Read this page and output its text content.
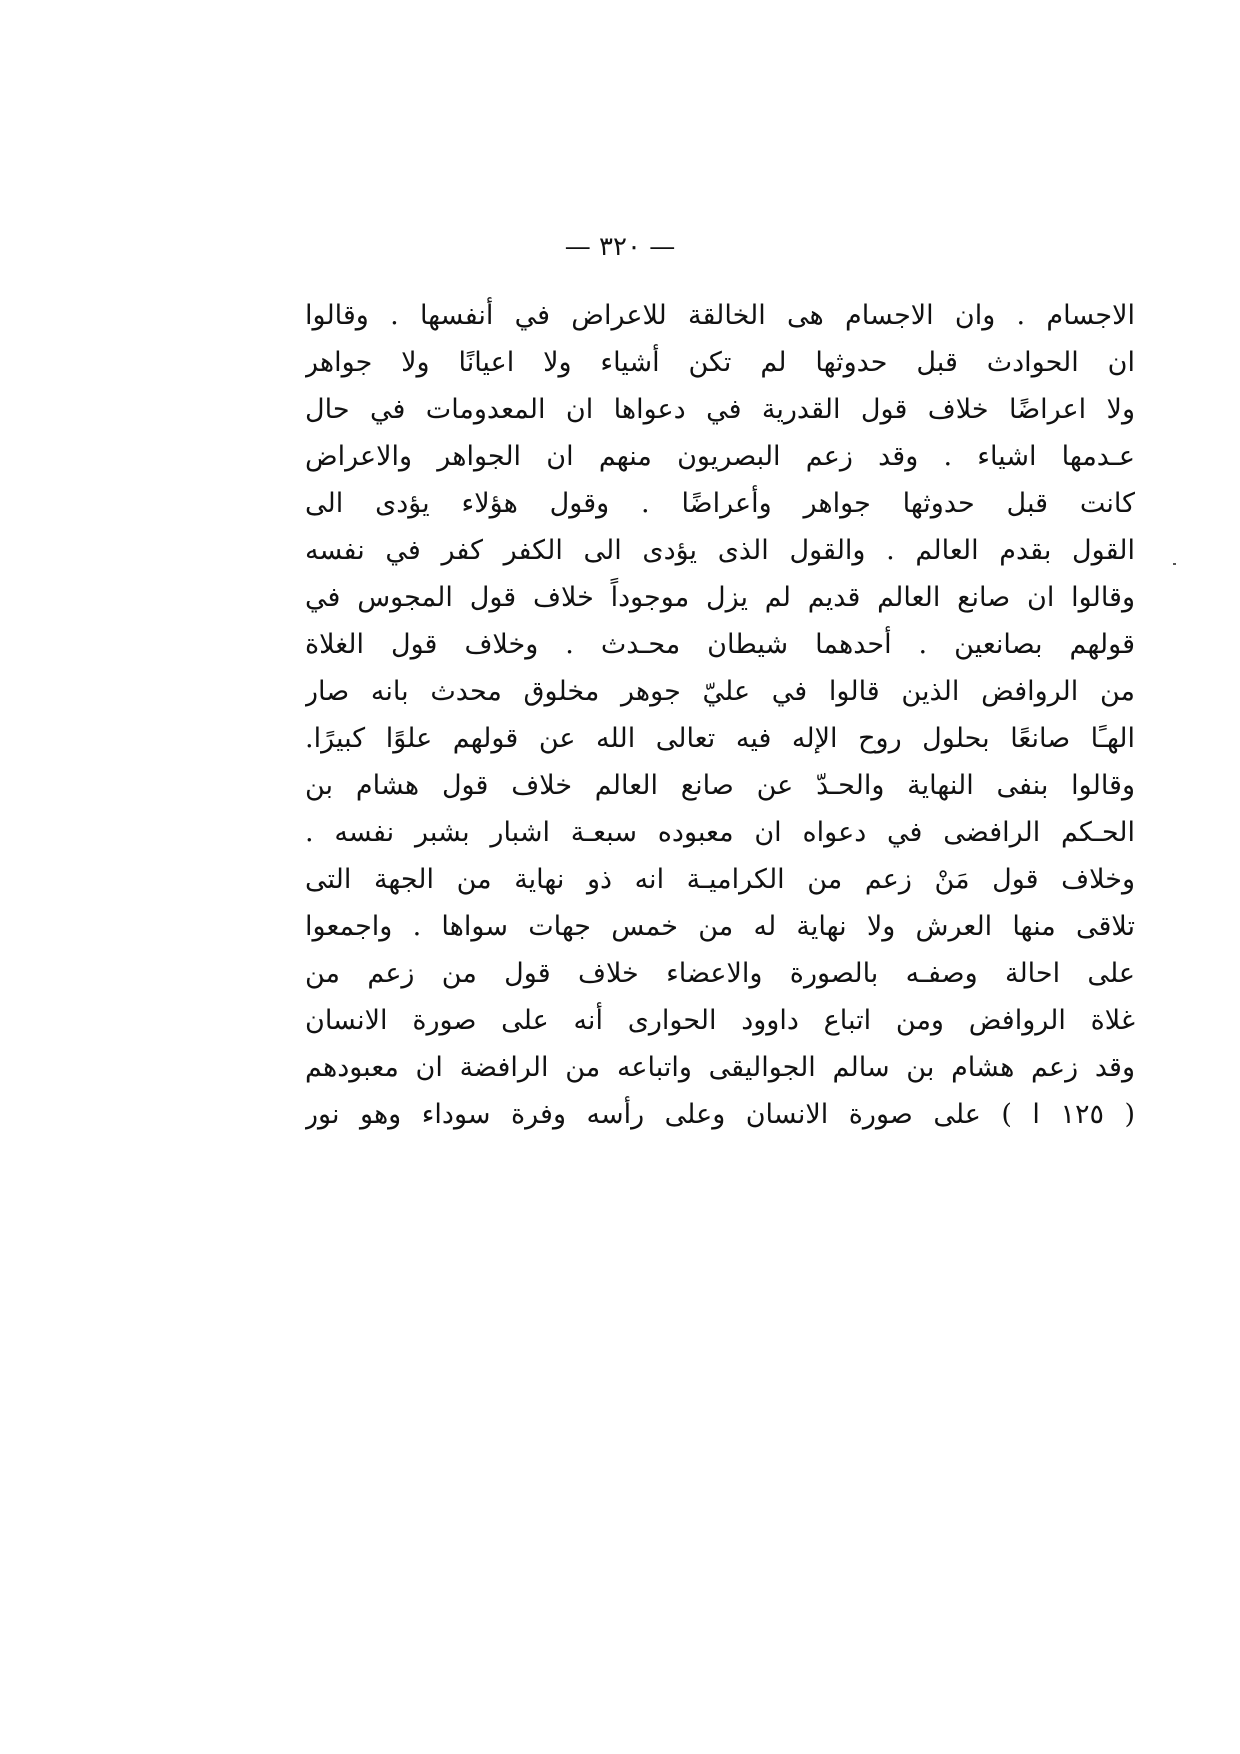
— ٣٢٠ —
الاجسام . وان الاجسام هى الخالقة للاعراض في أنفسها . وقالوا
ان الحوادث قبل حدوثها لم تكن أشياء ولا اعيانًا ولا جواهر
ولا اعراضًا خلاف قول القدرية في دعواها ان المعدومات في حال
عـدمها اشياء . وقد زعم البصريون منهم ان الجواهر والاعراض
كانت قبل حدوثها جواهر وأعراضًا . وقول هؤلاء يؤدى الى
القول بقدم العالم . والقول الذى يؤدى الى الكفر كفر في نفسه
وقالوا ان صانع العالم قديم لم يزل موجوداً خلاف قول المجوس في
قولهم بصانعين . أحدهما شيطان محـدث . وخلاف قول الغلاة
من الروافض الذين قالوا في عليّ جوهر مخلوق محدث بانه صار
الهـًا صانعًا بحلول روح الإله فيه تعالى الله عن قولهم علوًا كبيرًا.
وقالوا بنفى النهاية والحـدّ عن صانع العالم خلاف قول هشام بن
الحـكم الرافضى في دعواه ان معبوده سبعـة اشبار بشبر نفسه .
وخلاف قول مَنْ زعم من الكراميـة انه ذو نهاية من الجهة التى
تلاقى منها العرش ولا نهاية له من خمس جهات سواها . واجمعوا
على احالة وصفـه بالصورة والاعضاء خلاف قول من زعم من
غلاة الروافض ومن اتباع داوود الحوارى أنه على صورة الانسان
وقد زعم هشام بن سالم الجواليقى واتباعه من الرافضة ان معبودهم
( ١٢٥ ا ) على صورة الانسان وعلى رأسه وفرة سوداء وهو نور
